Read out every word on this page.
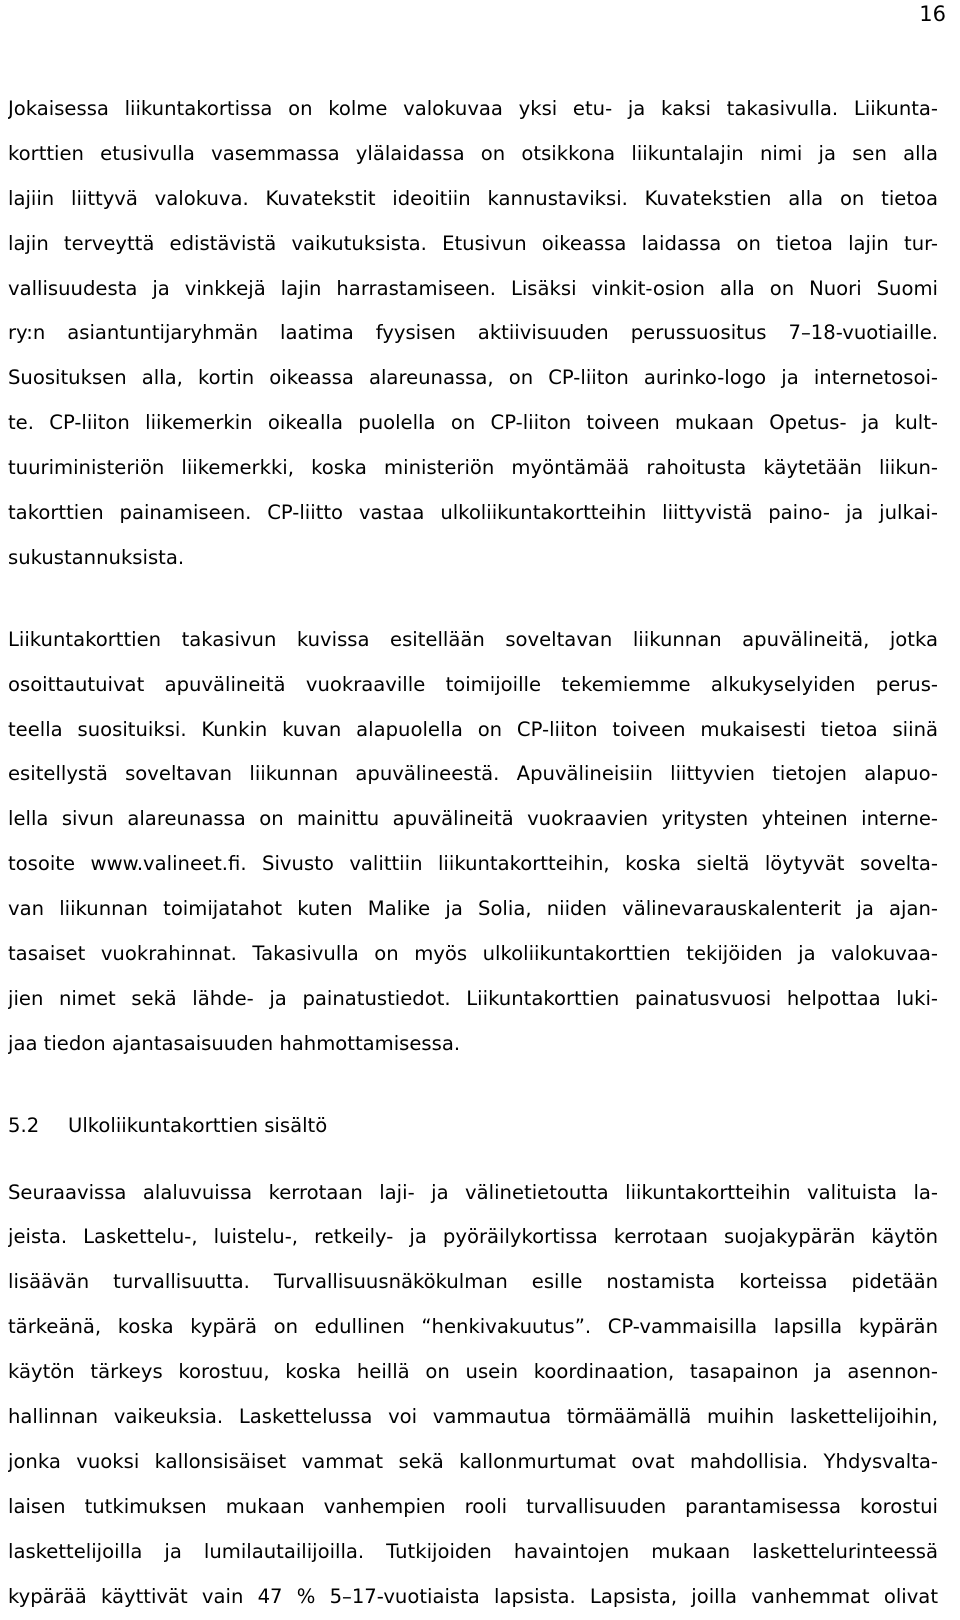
16
Jokaisessa liikuntakortissa on kolme valokuvaa yksi etu- ja kaksi takasivulla. Liikunta-
korttien etusivulla vasemmassa ylälaidassa on otsikkona liikuntalajin nimi ja sen alla
lajiin liittyvä valokuva. Kuvatekstit ideoitiin kannustaviksi. Kuvatekstien alla on tietoa
lajin terveyttä edistävistä vaikutuksista. Etusivun oikeassa laidassa on tietoa lajin tur-
vallisuudesta ja vinkkejä lajin harrastamiseen. Lisäksi vinkit-osion alla on Nuori Suomi
ry:n asiantuntijaryhmän laatima fyysisen aktiivisuuden perussuositus 7–18-vuotiaille.
Suosituksen alla, kortin oikeassa alareunassa, on CP-liiton aurinko-logo ja internetosoi-
te. CP-liiton liikemerkin oikealla puolella on CP-liiton toiveen mukaan Opetus- ja kult-
tuuriministeriön liikemerkki, koska ministeriön myöntämää rahoitusta käytetään liikun-
takorttien painamiseen. CP-liitto vastaa ulkoliikuntakortteihin liittyvistä paino- ja julkai-
sukustannuksista.
Liikuntakorttien takasivun kuvissa esitellään soveltavan liikunnan apuvälineitä, jotka
osoittautuivat apuvälineitä vuokraaville toimijoille tekemiemme alkukyselyiden perus-
teella suosituiksi. Kunkin kuvan alapuolella on CP-liiton toiveen mukaisesti tietoa siinä
esitellystä soveltavan liikunnan apuvälineestä. Apuvälineisiin liittyvien tietojen alapuo-
lella sivun alareunassa on mainittu apuvälineitä vuokraavien yritysten yhteinen interne-
tosoite www.valineet.fi. Sivusto valittiin liikuntakortteihin, koska sieltä löytyvät sovelta-
van liikunnan toimijatahot kuten Malike ja Solia, niiden välinevarauskalenterit ja ajan-
tasaiset vuokrahinnat. Takasivulla on myös ulkoliikuntakorttien tekijöiden ja valokuvaa-
jien nimet sekä lähde- ja painatustiedot. Liikuntakorttien painatusvuosi helpottaa luki-
jaa tiedon ajantasaisuuden hahmottamisessa.
5.2 Ulkoliikuntakorttien sisältö
Seuraavissa alaluvuissa kerrotaan laji- ja välinetietoutta liikuntakortteihin valituista la-
jeista. Laskettelu-, luistelu-, retkeily- ja pyöräilykortissa kerrotaan suojakypärän käytön
lisäävän turvallisuutta. Turvallisuusnäkökulman esille nostamista korteissa pidetään
tärkeänä, koska kypärä on edullinen “henkivakuutus”. CP-vammaisilla lapsilla kypärän
käytön tärkeys korostuu, koska heillä on usein koordinaation, tasapainon ja asennon-
hallinnan vaikeuksia. Laskettelussa voi vammautua törmäämällä muihin laskettelijoihin,
jonka vuoksi kallonsisäiset vammat sekä kallonmurtumat ovat mahdollisia. Yhdysvalta-
laisen tutkimuksen mukaan vanhempien rooli turvallisuuden parantamisessa korostui
laskettelijoilla ja lumilautailijoilla. Tutkijoiden havaintojen mukaan laskettelurinteessä
kypärää käyttivät vain 47 % 5–17-vuotiaista lapsista. Lapsista, joilla vanhemmat olivat
